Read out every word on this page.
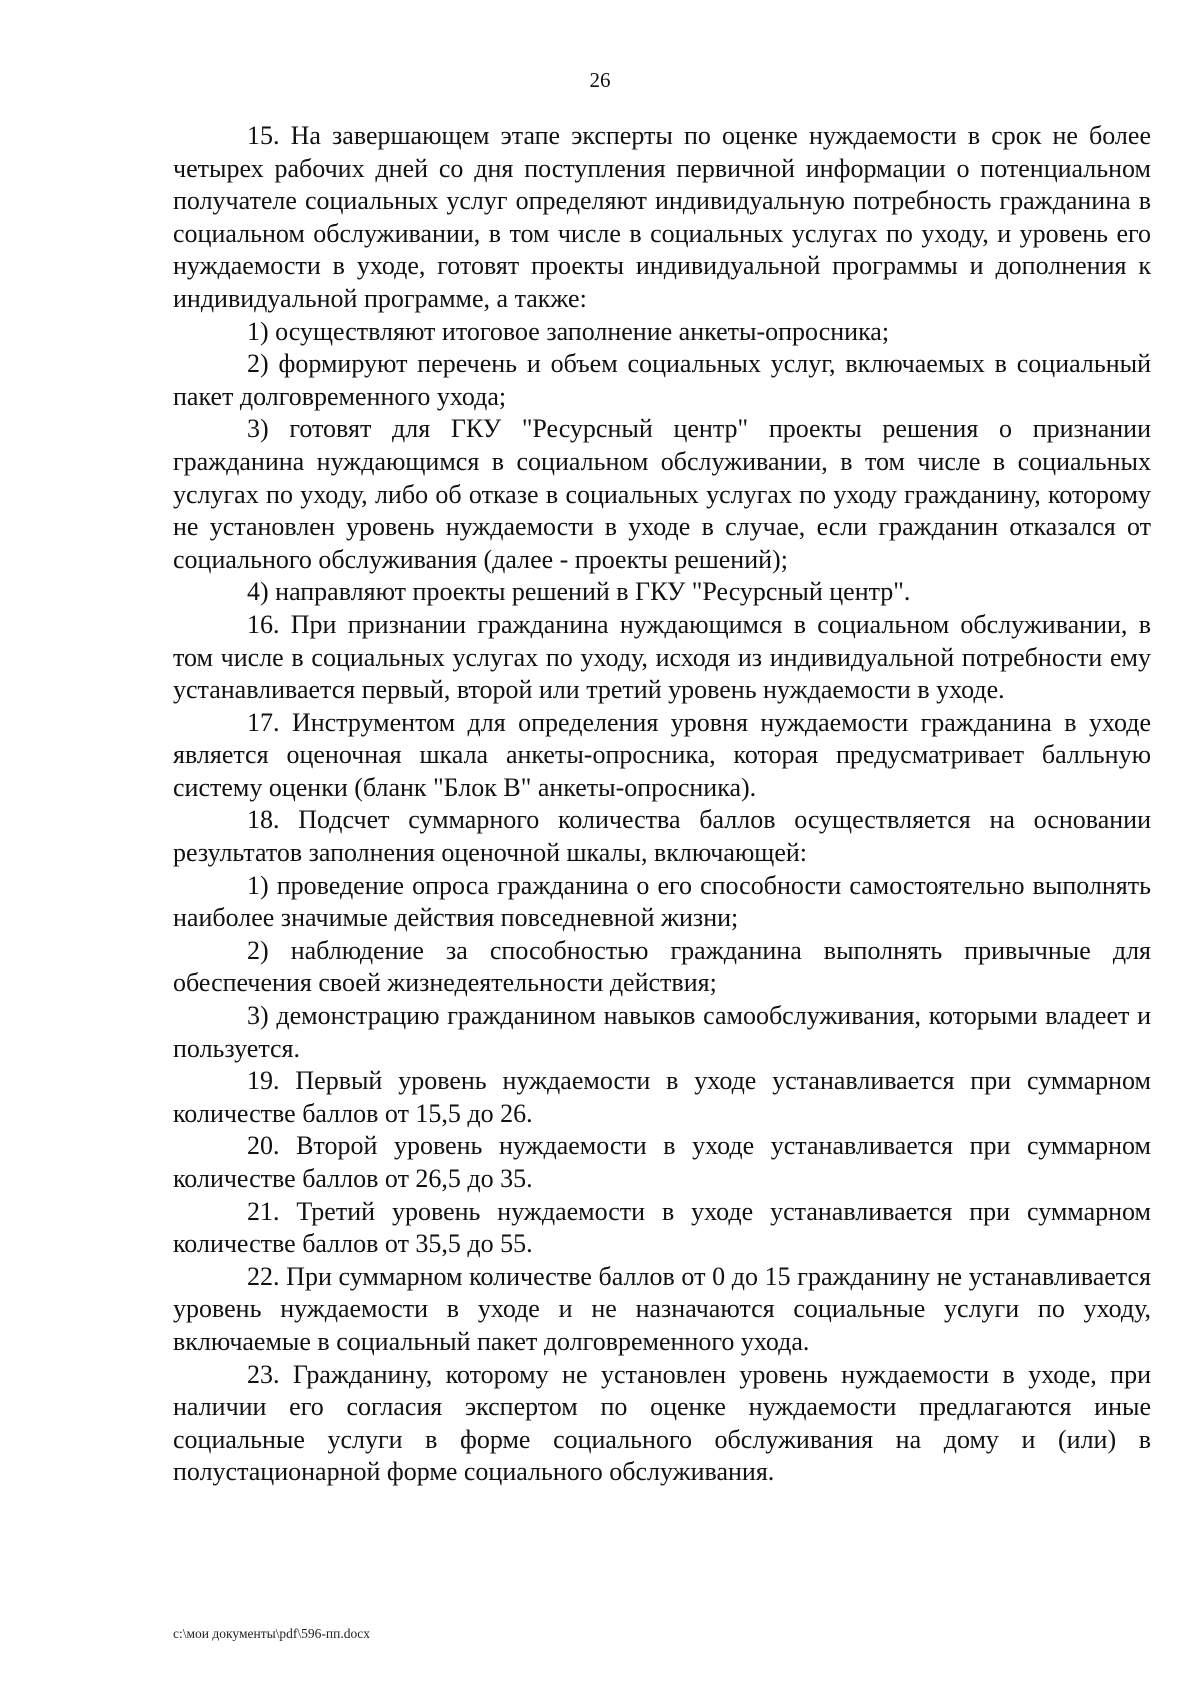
26

15. На завершающем этапе эксперты по оценке нуждаемости в срок не более четырех рабочих дней со дня поступления первичной информации о потенциальном получателе социальных услуг определяют индивидуальную потребность гражданина в социальном обслуживании, в том числе в социальных услугах по уходу, и уровень его нуждаемости в уходе, готовят проекты индивидуальной программы и дополнения к индивидуальной программе, а также:

1) осуществляют итоговое заполнение анкеты-опросника;

2) формируют перечень и объем социальных услуг, включаемых в социальный пакет долговременного ухода;

3) готовят для ГКУ "Ресурсный центр" проекты решения о признании гражданина нуждающимся в социальном обслуживании, в том числе в социальных услугах по уходу, либо об отказе в социальных услугах по уходу гражданину, которому не установлен уровень нуждаемости в уходе в случае, если гражданин отказался от социального обслуживания (далее - проекты решений);

4) направляют проекты решений в ГКУ "Ресурсный центр".

16. При признании гражданина нуждающимся в социальном обслуживании, в том числе в социальных услугах по уходу, исходя из индивидуальной потребности ему устанавливается первый, второй или третий уровень нуждаемости в уходе.

17. Инструментом для определения уровня нуждаемости гражданина в уходе является оценочная шкала анкеты-опросника, которая предусматривает балльную систему оценки (бланк "Блок В" анкеты-опросника).

18. Подсчет суммарного количества баллов осуществляется на основании результатов заполнения оценочной шкалы, включающей:

1) проведение опроса гражданина о его способности самостоятельно выполнять наиболее значимые действия повседневной жизни;

2) наблюдение за способностью гражданина выполнять привычные для обеспечения своей жизнедеятельности действия;

3) демонстрацию гражданином навыков самообслуживания, которыми владеет и пользуется.

19. Первый уровень нуждаемости в уходе устанавливается при суммарном количестве баллов от 15,5 до 26.

20. Второй уровень нуждаемости в уходе устанавливается при суммарном количестве баллов от 26,5 до 35.

21. Третий уровень нуждаемости в уходе устанавливается при суммарном количестве баллов от 35,5 до 55.

22. При суммарном количестве баллов от 0 до 15 гражданину не устанавливается уровень нуждаемости в уходе и не назначаются социальные услуги по уходу, включаемые в социальный пакет долговременного ухода.

23. Гражданину, которому не установлен уровень нуждаемости в уходе, при наличии его согласия экспертом по оценке нуждаемости предлагаются иные социальные услуги в форме социального обслуживания на дому и (или) в полустационарной форме социального обслуживания.

c:\мои документы\pdf\596-пп.docx
